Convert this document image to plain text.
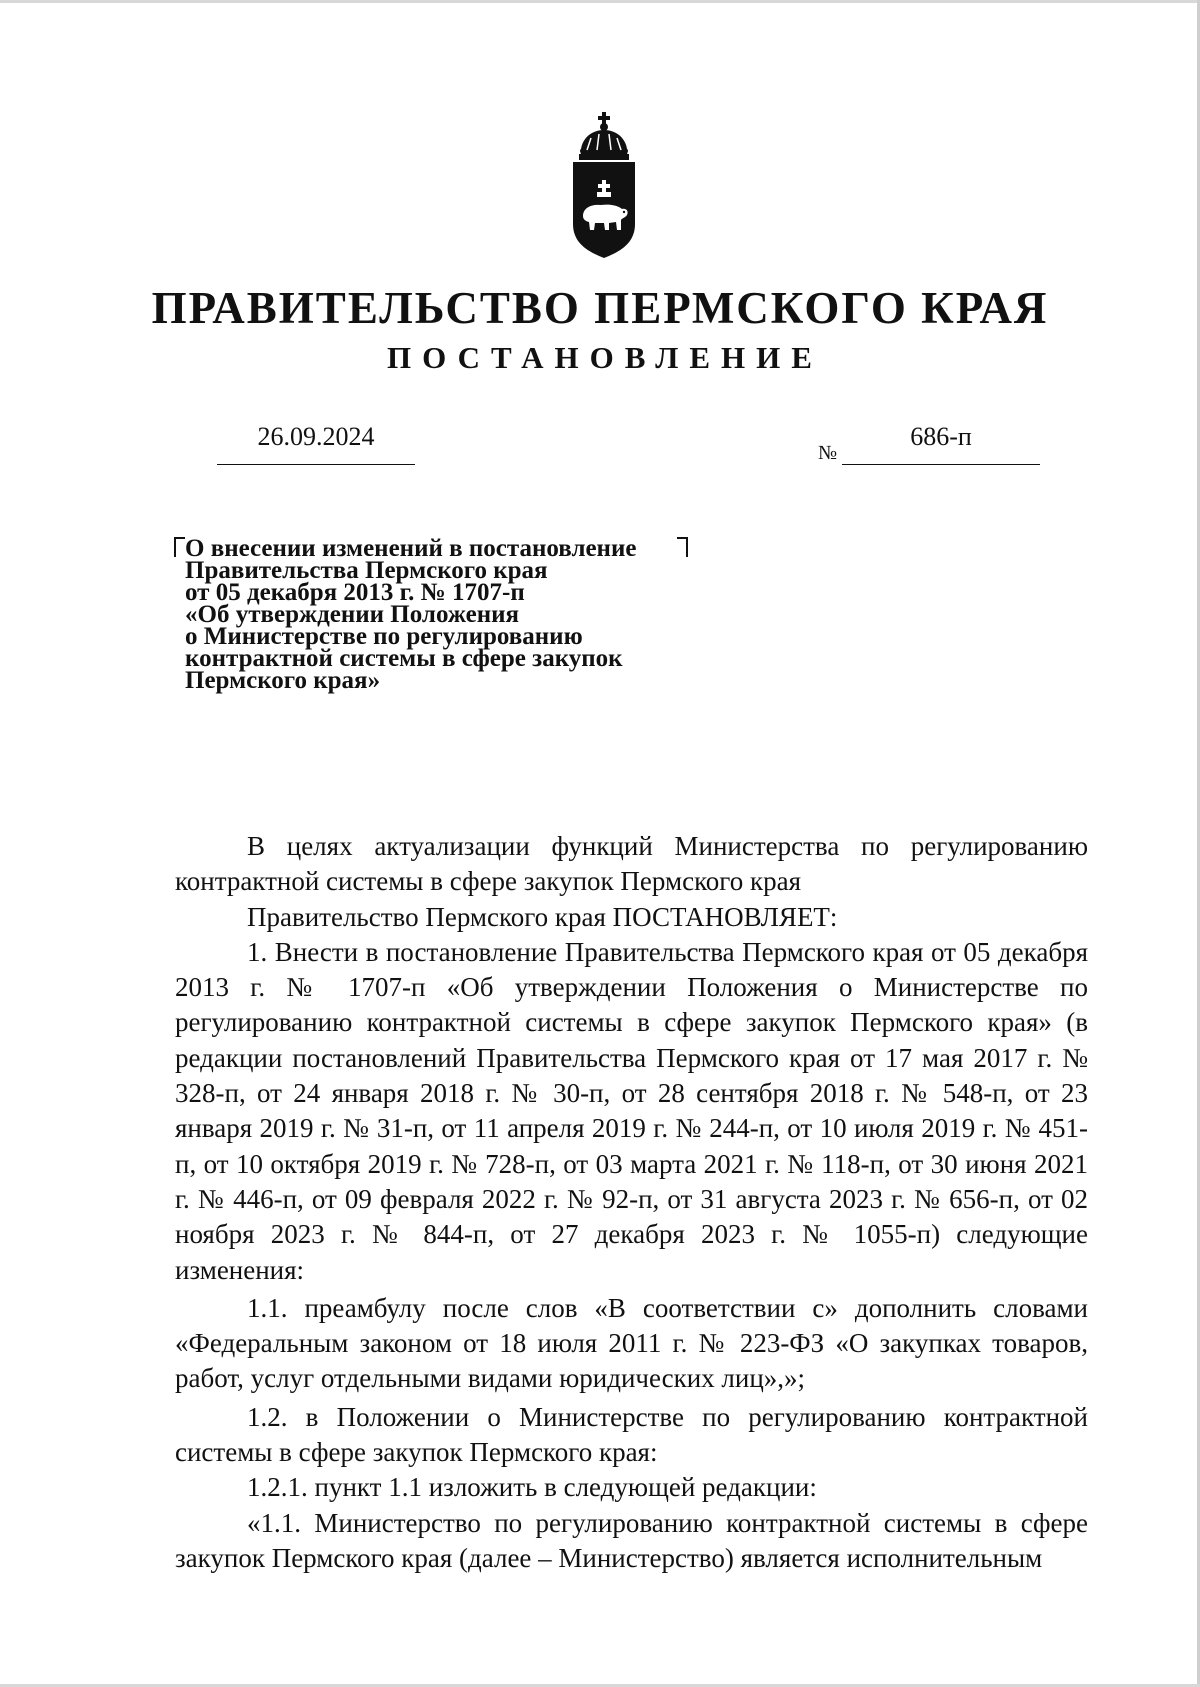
ПРАВИТЕЛЬСТВО ПЕРМСКОГО КРАЯ
ПОСТАНОВЛЕНИЕ
26.09.2024
№
686-п
О внесении изменений в постановление
Правительства Пермского края
от 05 декабря 2013 г. № 1707-п
«Об утверждении Положения
о Министерстве по регулированию
контрактной системы в сфере закупок
Пермского края»

В целях актуализации функций Министерства по регулированию контрактной системы в сфере закупок Пермского края

Правительство Пермского края ПОСТАНОВЛЯЕТ:

1. Внести в постановление Правительства Пермского края от 05 декабря 2013 г. № 1707-п «Об утверждении Положения о Министерстве по регулированию контрактной системы в сфере закупок Пермского края» (в редакции постановлений Правительства Пермского края от 17 мая 2017 г. № 328-п, от 24 января 2018 г. № 30-п, от 28 сентября 2018 г. № 548-п, от 23 января 2019 г. № 31-п, от 11 апреля 2019 г. № 244-п, от 10 июля 2019 г. № 451-п, от 10 октября 2019 г. № 728-п, от 03 марта 2021 г. № 118-п, от 30 июня 2021 г. № 446-п, от 09 февраля 2022 г. № 92-п, от 31 августа 2023 г. № 656-п, от 02 ноября 2023 г. № 844-п, от 27 декабря 2023 г. № 1055-п) следующие изменения:

1.1. преамбулу после слов «В соответствии с» дополнить словами «Федеральным законом от 18 июля 2011 г. № 223-ФЗ «О закупках товаров, работ, услуг отдельными видами юридических лиц»,»;

1.2. в Положении о Министерстве по регулированию контрактной системы в сфере закупок Пермского края:

1.2.1. пункт 1.1 изложить в следующей редакции:

«1.1. Министерство по регулированию контрактной системы в сфере закупок Пермского края (далее – Министерство) является исполнительным
